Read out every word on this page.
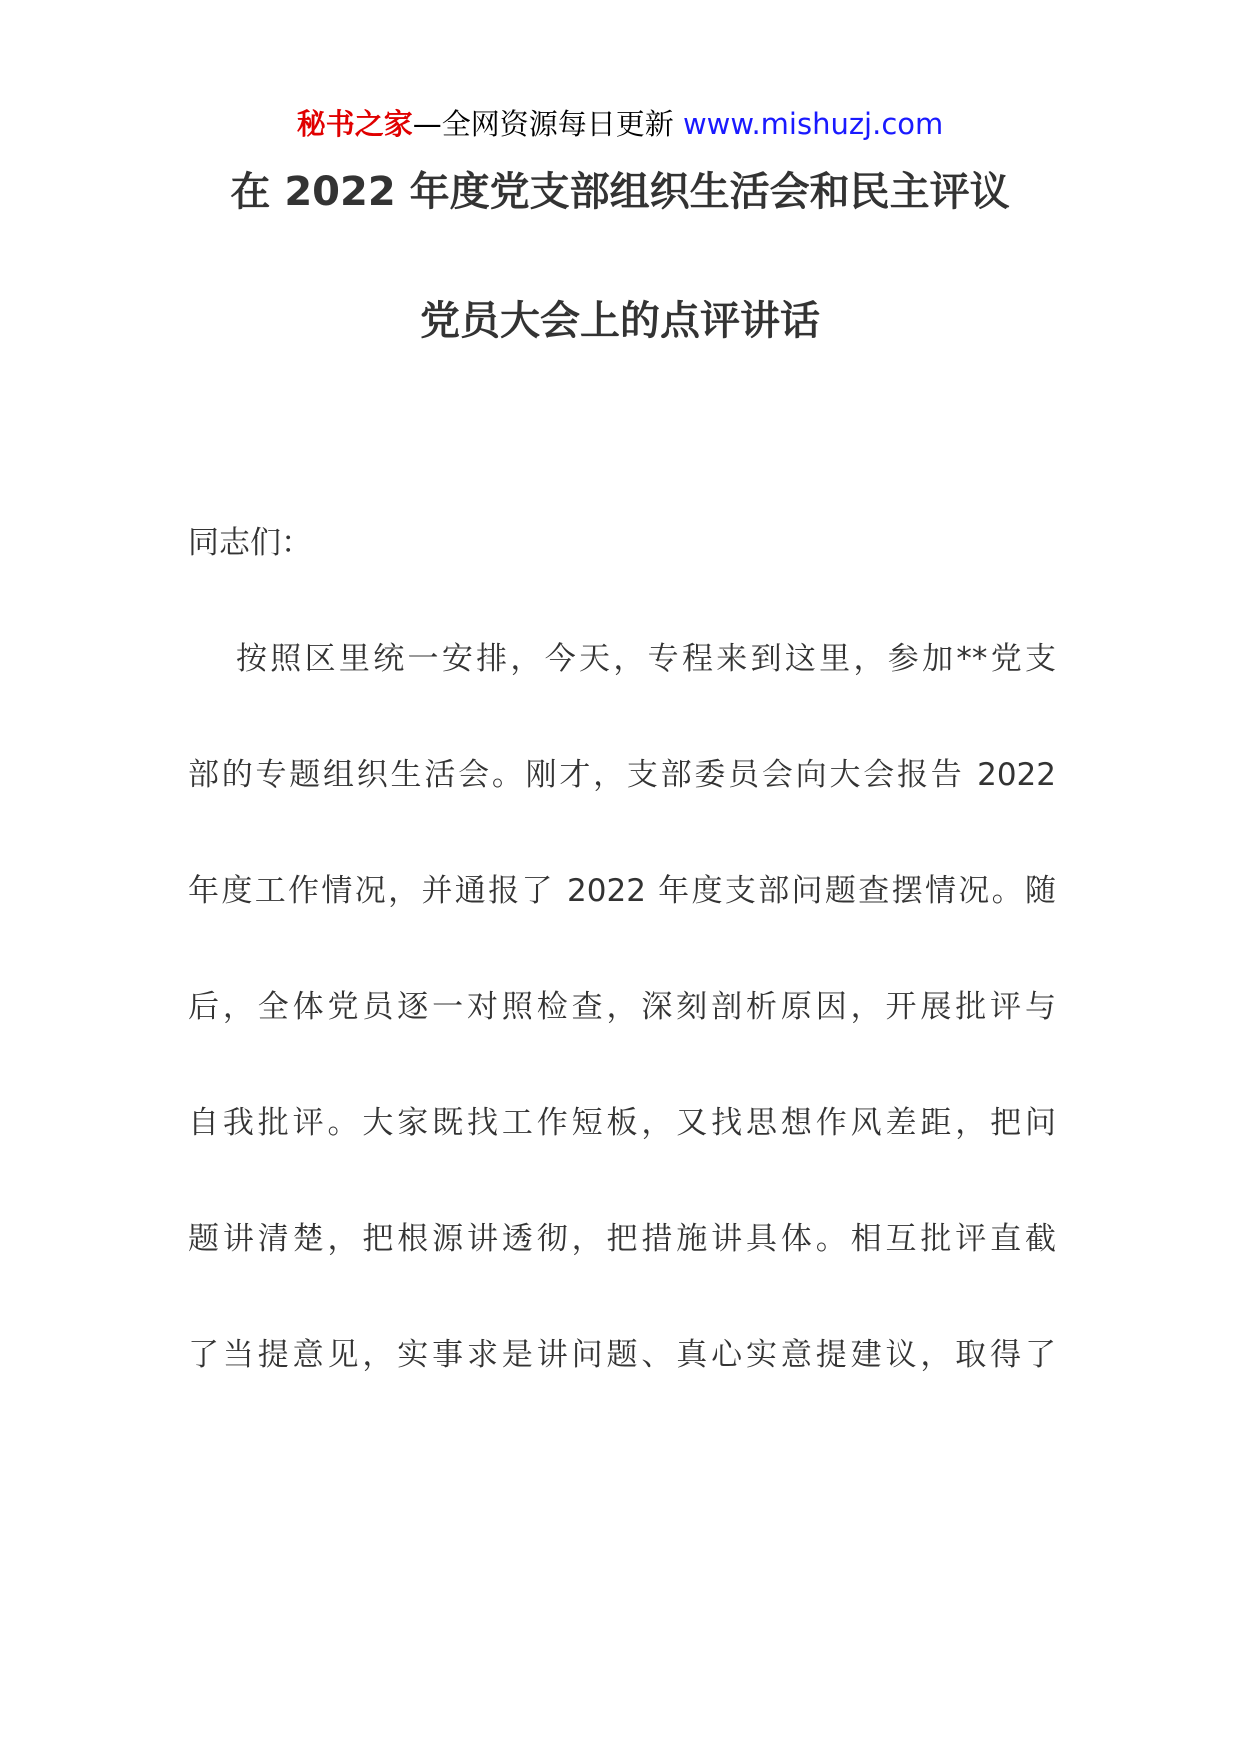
秘书之家—全网资源每日更新 www.mishuzj.com
在 2022 年度党支部组织生活会和民主评议
党员大会上的点评讲话
同志们：
按照区里统一安排，今天，专程来到这里，参加**党支
部的专题组织生活会。刚才，支部委员会向大会报告 2022
年度工作情况，并通报了 2022 年度支部问题查摆情况。随
后，全体党员逐一对照检查，深刻剖析原因，开展批评与
自我批评。大家既找工作短板，又找思想作风差距，把问
题讲清楚，把根源讲透彻，把措施讲具体。相互批评直截
了当提意见，实事求是讲问题、真心实意提建议，取得了
